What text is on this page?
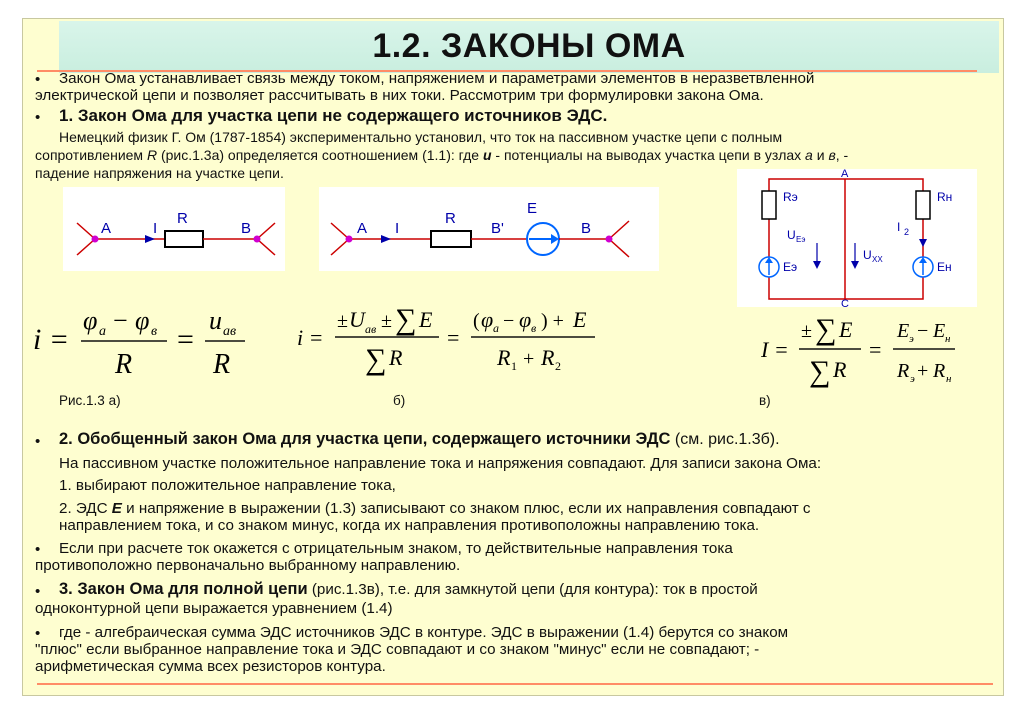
1.2. ЗАКОНЫ ОМА
• Закон Ома устанавливает связь между током, напряжением и параметрами элементов в неразветвленной

электрической цепи и позволяет рассчитывать в них токи. Рассмотрим три формулировки закона Ома.

• 1. Закон Ома для участка цепи не содержащего источников ЭДС.

Немецкий физик Г. Ом (1787-1854) экспериментально установил, что ток на пассивном участке цепи с полным

сопротивлением R (рис.1.3а) определяется соотношением (1.1): где u - потенциалы на выводах участка цепи в узлах а и в, -

падение напряжения на участке цепи.

A	I
R
B	A I
R
B'
E
B
Rэ	Rн
A
C
I 2
U Eэ
U XX
Eэ	Eн
i =
φ а − φ в
R
=
u ав
R
i =
± U ав ± ∑ E
∑ R
=
( φ а − φ в ) + E
R 1 + R 2
I =
± ∑ E
∑ R
=
E э − E н
R э + R н
Рис.1.3 а)	б)	в)
• 2. Обобщенный закон Ома для участка цепи, содержащего источники ЭДС (см. рис.1.3б).

На пассивном участке положительное направление тока и напряжения совпадают. Для записи закона Ома:

1. выбирают положительное направление тока,

2. ЭДС E и напряжение в выражении (1.3) записывают со знаком плюс, если их направления совпадают с

направлением тока, и со знаком минус, когда их направления противоположны направлению тока.

• Если при расчете ток окажется с отрицательным знаком, то действительные направления тока

противоположно первоначально выбранному направлению.

• 3. Закон Ома для полной цепи (рис.1.3в), т.е. для замкнутой цепи (для контура): ток в простой

одноконтурной цепи выражается уравнением (1.4)

• где - алгебраическая сумма ЭДС источников ЭДС в контуре. ЭДС в выражении (1.4) берутся со знаком

"плюс" если выбранное направление тока и ЭДС совпадают и со знаком "минус" если не совпадают; -

арифметическая сумма всех резисторов контура.
